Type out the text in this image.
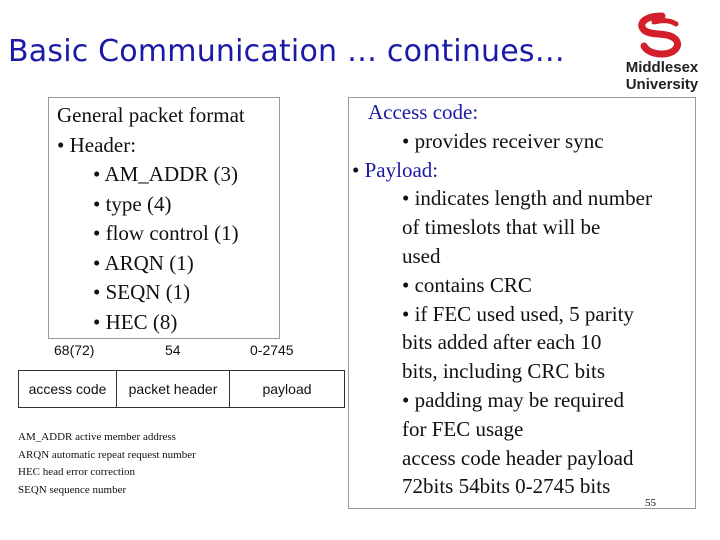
Basic Communication … continues…	Middlesex
University
General packet format
• Header:
• AM_ADDR (3)
• type (4)
• flow control (1)
• ARQN (1)
• SEQN (1)
• HEC (8)
68(72)	54	0-2745
access code	packet header	payload
AM_ADDR active member address
ARQN automatic repeat request number
HEC head error correction
SEQN sequence number
Access code:
• provides receiver sync
• Payload:
• indicates length and number
of timeslots that will be
used
• contains CRC
• if FEC used used, 5 parity
bits added after each 10
bits, including CRC bits
• padding may be required
for FEC usage
access code header payload
72bits 54bits 0-2745 bits
55
